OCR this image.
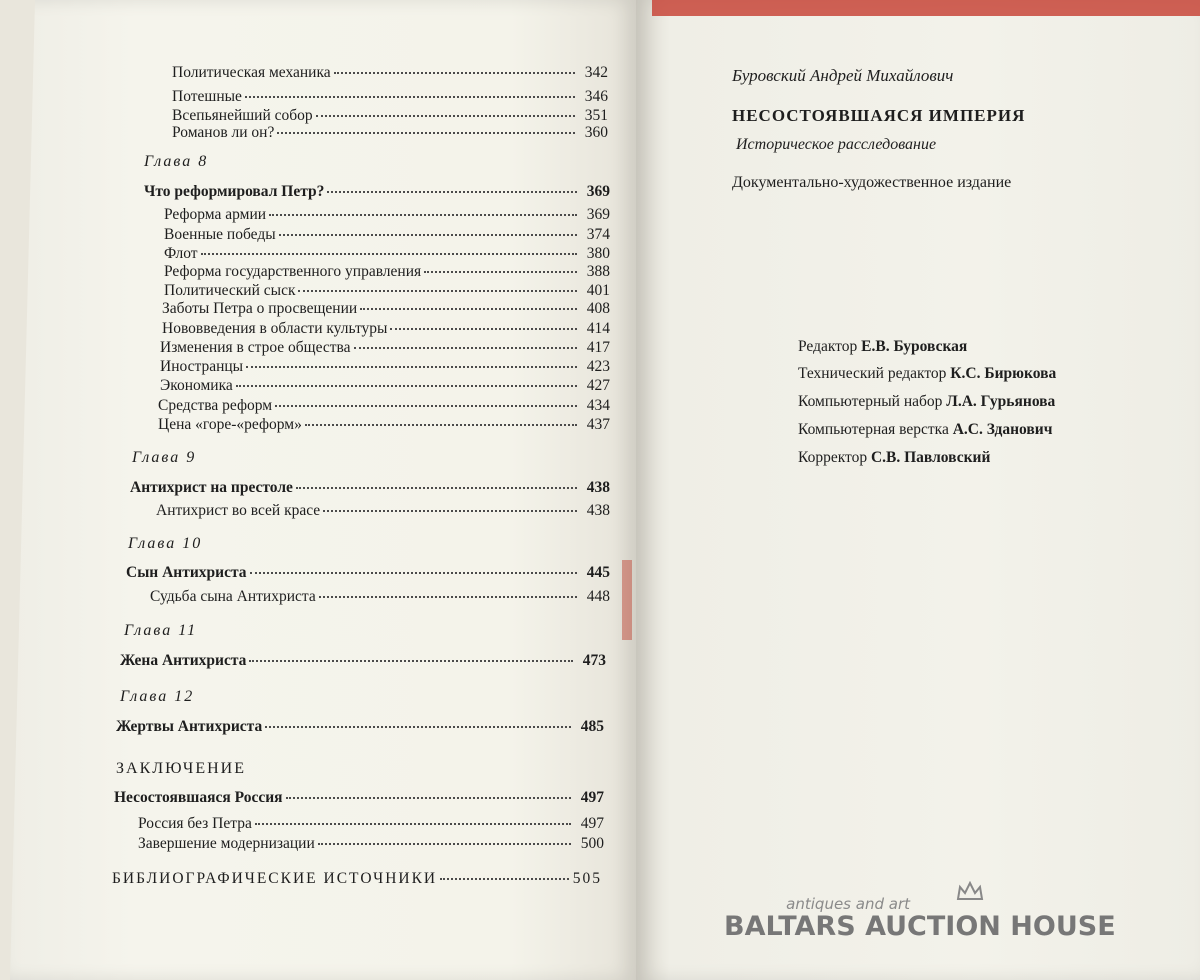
Политическая механика	342
Потешные	346
Всепьянейший собор	351
Романов ли он?	360
Глава 8
Что реформировал Петр?	369
Реформа армии	369
Военные победы	374
Флот	380
Реформа государственного управления	388
Политический сыск	401
Заботы Петра о просвещении	408
Нововведения в области культуры	414
Изменения в строе общества	417
Иностранцы	423
Экономика	427
Средства реформ	434
Цена «горе-«реформ»	437
Глава 9
Антихрист на престоле	438
Антихрист во всей красе	438
Глава 10
Сын Антихриста	445
Судьба сына Антихриста	448
Глава 11
Жена Антихриста	473
Глава 12
Жертвы Антихриста	485
ЗАКЛЮЧЕНИЕ
Несостоявшаяся Россия	497
Россия без Петра	497
Завершение модернизации	500
БИБЛИОГРАФИЧЕСКИЕ ИСТОЧНИКИ	505
Буровский Андрей Михайлович
НЕСОСТОЯВШАЯСЯ ИМПЕРИЯ
Историческое расследование
Документально-художественное издание
Редактор Е.В. Буровская
Технический редактор К.С. Бирюкова
Компьютерный набор Л.А. Гурьянова
Компьютерная верстка А.С. Зданович
Корректор С.В. Павловский
antiques and art
BALTARS AUCTION HOUSE
